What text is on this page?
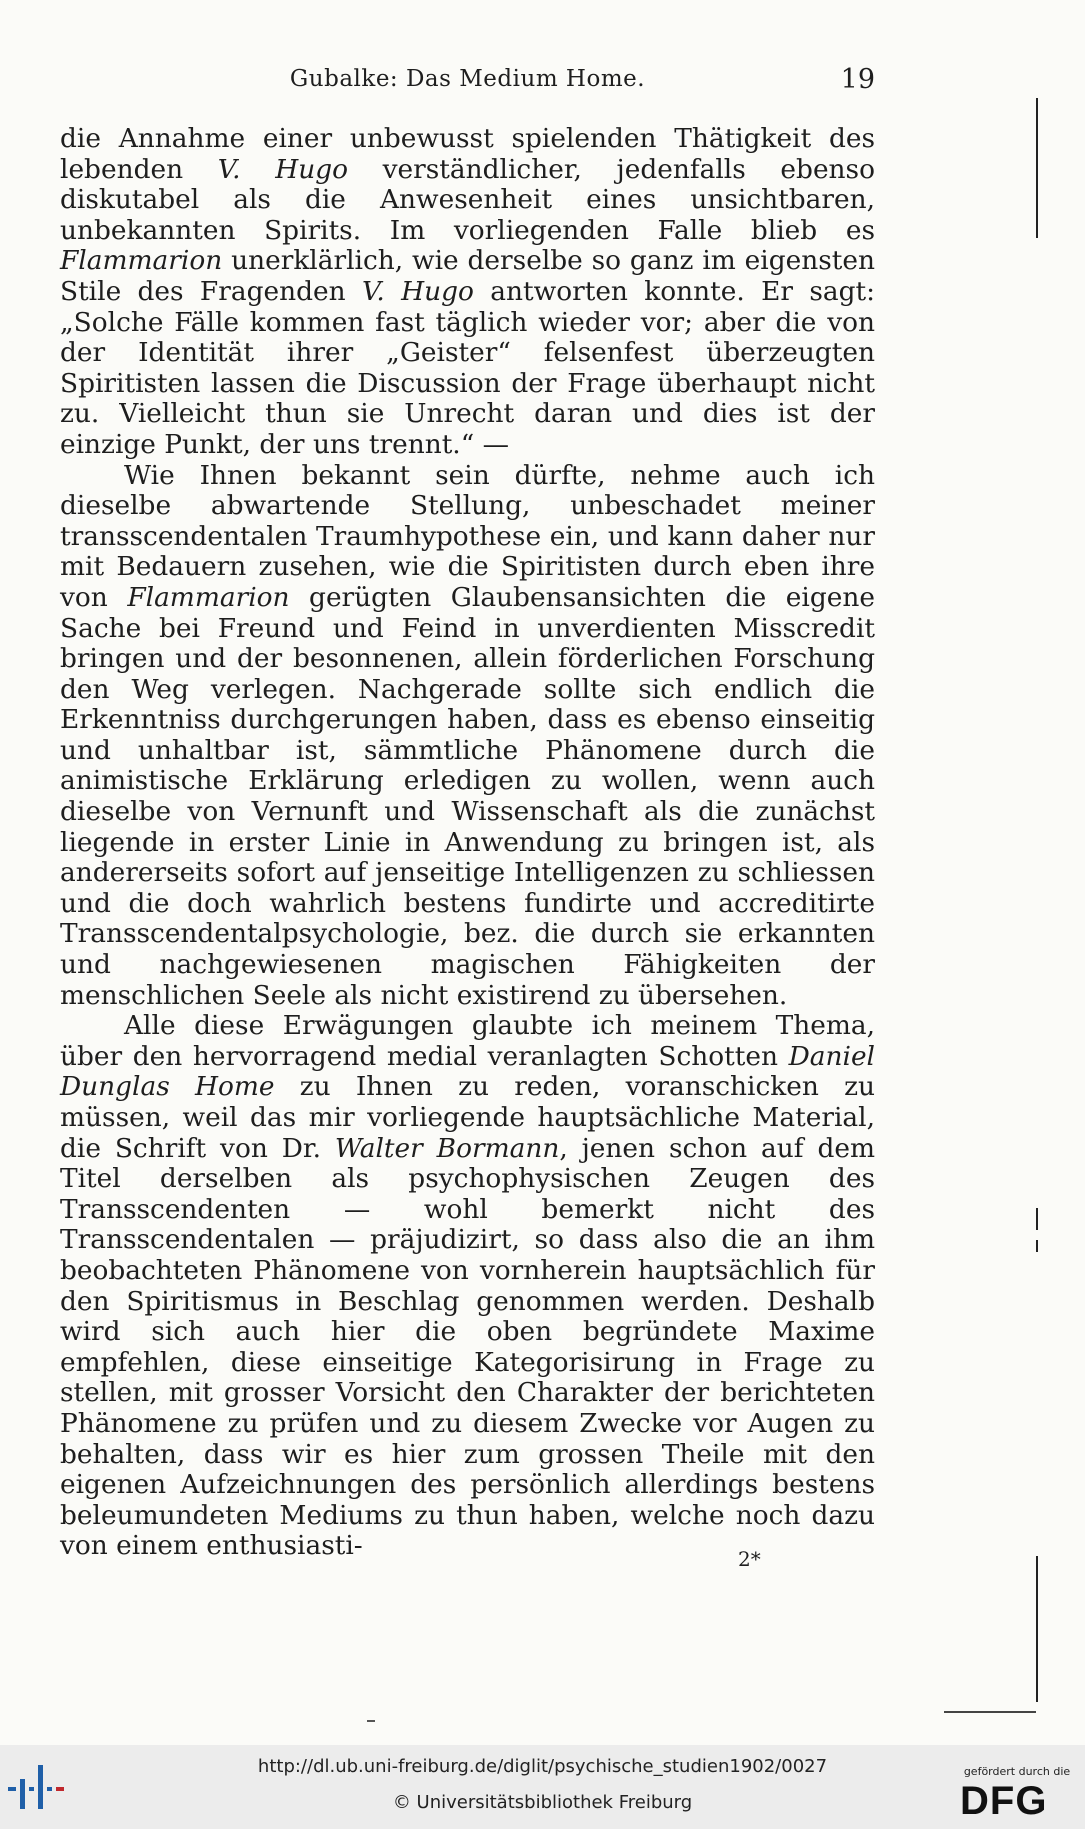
Gubalke: Das Medium Home.	19

die Annahme einer unbewusst spielenden Thätigkeit des lebenden V. Hugo verständlicher, jedenfalls ebenso diskutabel als die Anwesenheit eines unsichtbaren, unbekannten Spirits. Im vorliegenden Falle blieb es Flammarion unerklärlich, wie derselbe so ganz im eigensten Stile des Fragenden V. Hugo antworten konnte. Er sagt: „Solche Fälle kommen fast täglich wieder vor; aber die von der Identität ihrer „Geister“ felsenfest überzeugten Spiritisten lassen die Discussion der Frage überhaupt nicht zu. Vielleicht thun sie Unrecht daran und dies ist der einzige Punkt, der uns trennt.“ —

Wie Ihnen bekannt sein dürfte, nehme auch ich dieselbe abwartende Stellung, unbeschadet meiner transscendentalen Traumhypothese ein, und kann daher nur mit Bedauern zusehen, wie die Spiritisten durch eben ihre von Flammarion gerügten Glaubensansichten die eigene Sache bei Freund und Feind in unverdienten Misscredit bringen und der besonnenen, allein förderlichen Forschung den Weg verlegen. Nachgerade sollte sich endlich die Erkenntniss durchgerungen haben, dass es ebenso einseitig und unhaltbar ist, sämmtliche Phänomene durch die animistische Erklärung erledigen zu wollen, wenn auch dieselbe von Vernunft und Wissenschaft als die zunächst liegende in erster Linie in Anwendung zu bringen ist, als andererseits sofort auf jenseitige Intelligenzen zu schliessen und die doch wahrlich bestens fundirte und accreditirte Transscendentalpsychologie, bez. die durch sie erkannten und nachgewiesenen magischen Fähigkeiten der menschlichen Seele als nicht existirend zu übersehen.

Alle diese Erwägungen glaubte ich meinem Thema, über den hervorragend medial veranlagten Schotten Daniel Dunglas Home zu Ihnen zu reden, voranschicken zu müssen, weil das mir vorliegende hauptsächliche Material, die Schrift von Dr. Walter Bormann, jenen schon auf dem Titel derselben als psychophysischen Zeugen des Transscendenten — wohl bemerkt nicht des Transscendentalen — präjudizirt, so dass also die an ihm beobachteten Phänomene von vornherein hauptsächlich für den Spiritismus in Beschlag genommen werden. Deshalb wird sich auch hier die oben begründete Maxime empfehlen, diese einseitige Kategorisirung in Frage zu stellen, mit grosser Vorsicht den Charakter der berichteten Phänomene zu prüfen und zu diesem Zwecke vor Augen zu behalten, dass wir es hier zum grossen Theile mit den eigenen Aufzeichnungen des persönlich allerdings bestens beleumundeten Mediums zu thun haben, welche noch dazu von einem enthusiasti-	2*
http://dl.ub.uni-freiburg.de/diglit/psychische_studien1902/0027
© Universitätsbibliothek Freiburg
gefördert durch die
DFG
